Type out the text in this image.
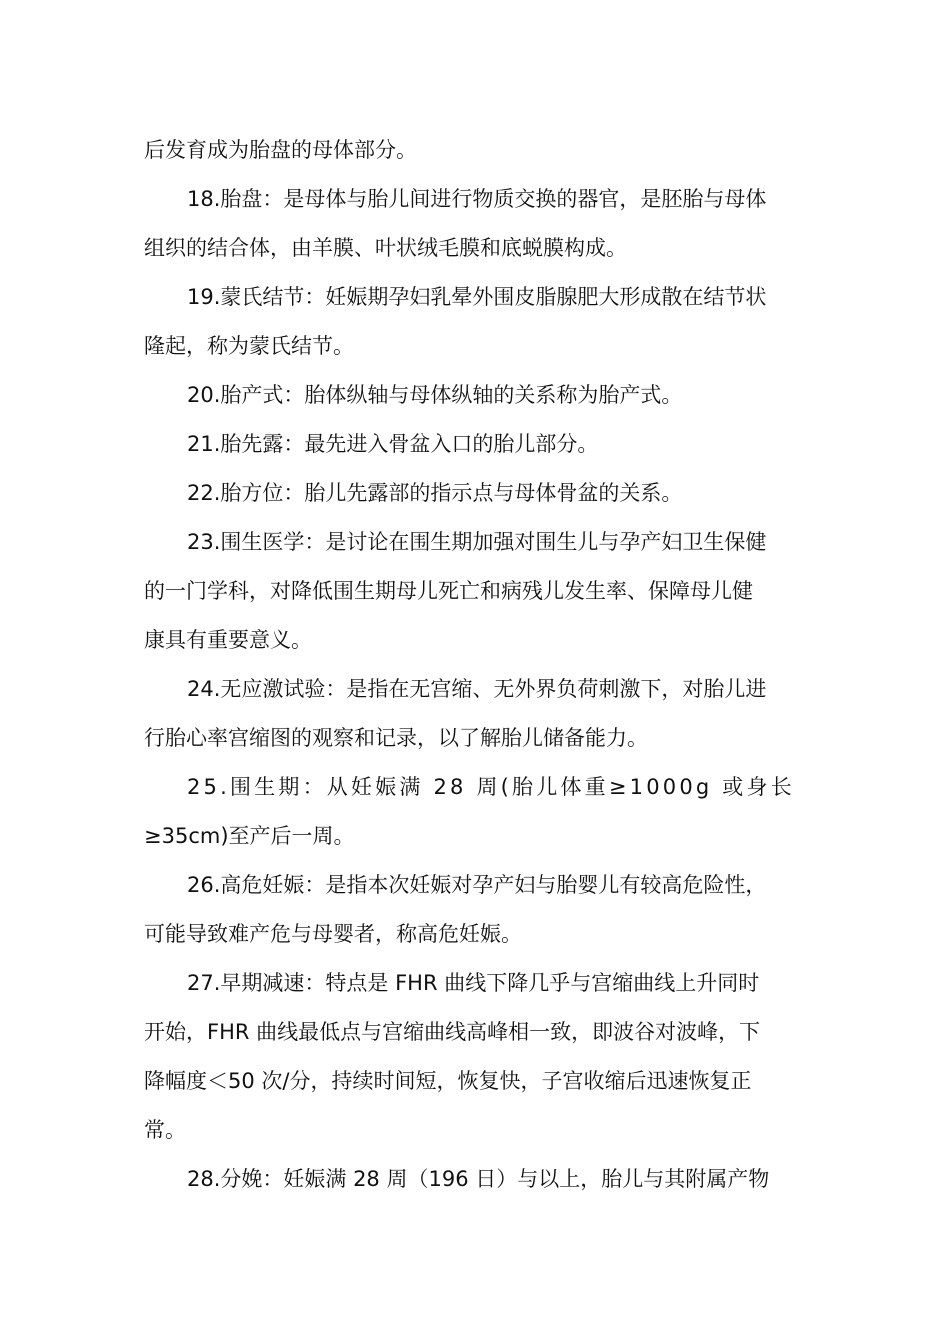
后发育成为胎盘的母体部分。
18.胎盘：是母体与胎儿间进行物质交换的器官，是胚胎与母体
组织的结合体，由羊膜、叶状绒毛膜和底蜕膜构成。
19.蒙氏结节：妊娠期孕妇乳晕外围皮脂腺肥大形成散在结节状
隆起，称为蒙氏结节。
20.胎产式：胎体纵轴与母体纵轴的关系称为胎产式。
21.胎先露：最先进入骨盆入口的胎儿部分。
22.胎方位：胎儿先露部的指示点与母体骨盆的关系。
23.围生医学：是讨论在围生期加强对围生儿与孕产妇卫生保健
的一门学科，对降低围生期母儿死亡和病残儿发生率、保障母儿健
康具有重要意义。
24.无应激试验：是指在无宫缩、无外界负荷刺激下，对胎儿进
行胎心率宫缩图的观察和记录，以了解胎儿储备能力。
25.围生期：从妊娠满 28 周(胎儿体重≥1000g 或身长
≥35cm)至产后一周。
26.高危妊娠：是指本次妊娠对孕产妇与胎婴儿有较高危险性，
可能导致难产危与母婴者，称高危妊娠。
27.早期减速：特点是 FHR 曲线下降几乎与宫缩曲线上升同时
开始，FHR 曲线最低点与宫缩曲线高峰相一致，即波谷对波峰，下
降幅度＜50 次/分，持续时间短，恢复快，子宫收缩后迅速恢复正
常。
28.分娩：妊娠满 28 周（196 日）与以上，胎儿与其附属产物
